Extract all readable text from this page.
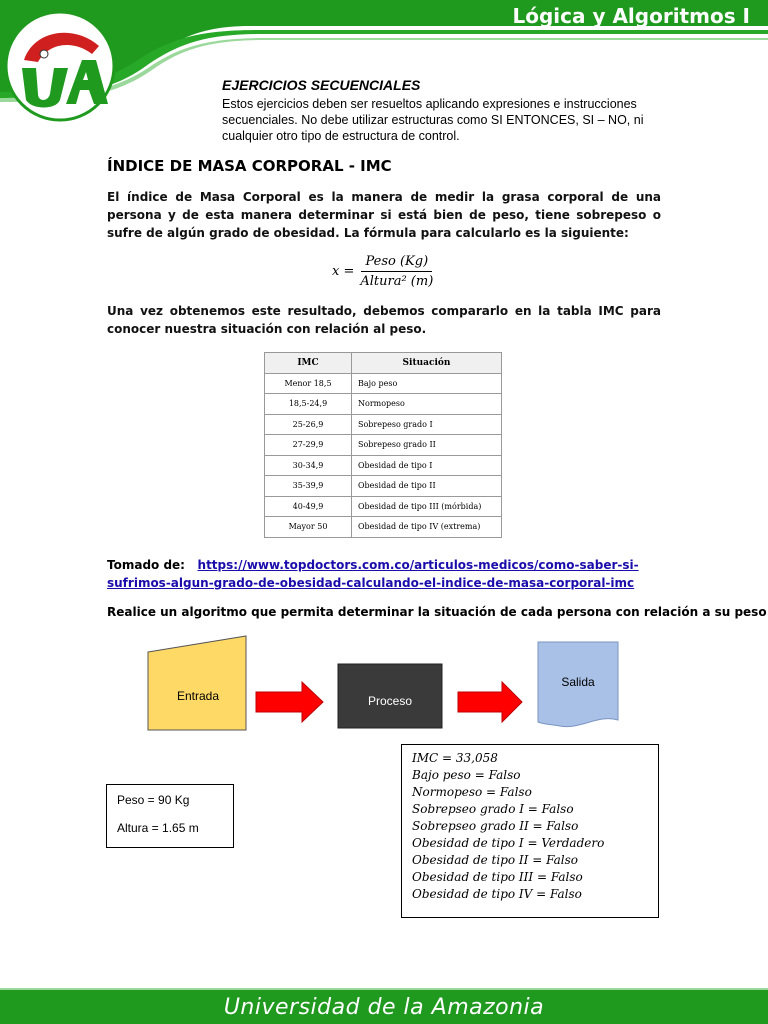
Lógica y Algoritmos I
EJERCICIOS SECUENCIALES
Estos ejercicios deben ser resueltos aplicando expresiones e instrucciones secuenciales. No debe utilizar estructuras como SI ENTONCES, SI – NO, ni cualquier otro tipo de estructura de control.
ÍNDICE DE MASA CORPORAL - IMC
El índice de Masa Corporal es la manera de medir la grasa corporal de una persona y de esta manera determinar si está bien de peso, tiene sobrepeso o sufre de algún grado de obesidad. La fórmula para calcularlo es la siguiente:
$x = \frac{\text{Peso (Kg)}}{\text{Altura² (m)}}$
Una vez obtenemos este resultado, debemos compararlo en la tabla IMC para conocer nuestra situación con relación al peso.
IMC	Situación
Menor 18,5	Bajo peso
18,5-24,9	Normopeso
25-26,9	Sobrepeso grado I
27-29,9	Sobrepeso grado II
30-34,9	Obesidad de tipo I
35-39,9	Obesidad de tipo II
40-49,9	Obesidad de tipo III (mórbida)
Mayor 50	Obesidad de tipo IV (extrema)
Tomado de: https://www.topdoctors.com.co/articulos-medicos/como-saber-si-sufrimos-algun-grado-de-obesidad-calculando-el-indice-de-masa-corporal-imc
Realice un algoritmo que permita determinar la situación de cada persona con relación a su peso
Entrada	Proceso
Salida
Peso = 90 Kg
Altura = 1.65 m
IMC = 33,058
Bajo peso = Falso
Normopeso = Falso
Sobrepseo grado I = Falso
Sobrepseo grado II = Falso
Obesidad de tipo I = Verdadero
Obesidad de tipo II = Falso
Obesidad de tipo III = Falso
Obesidad de tipo IV = Falso
Universidad de la Amazonia
